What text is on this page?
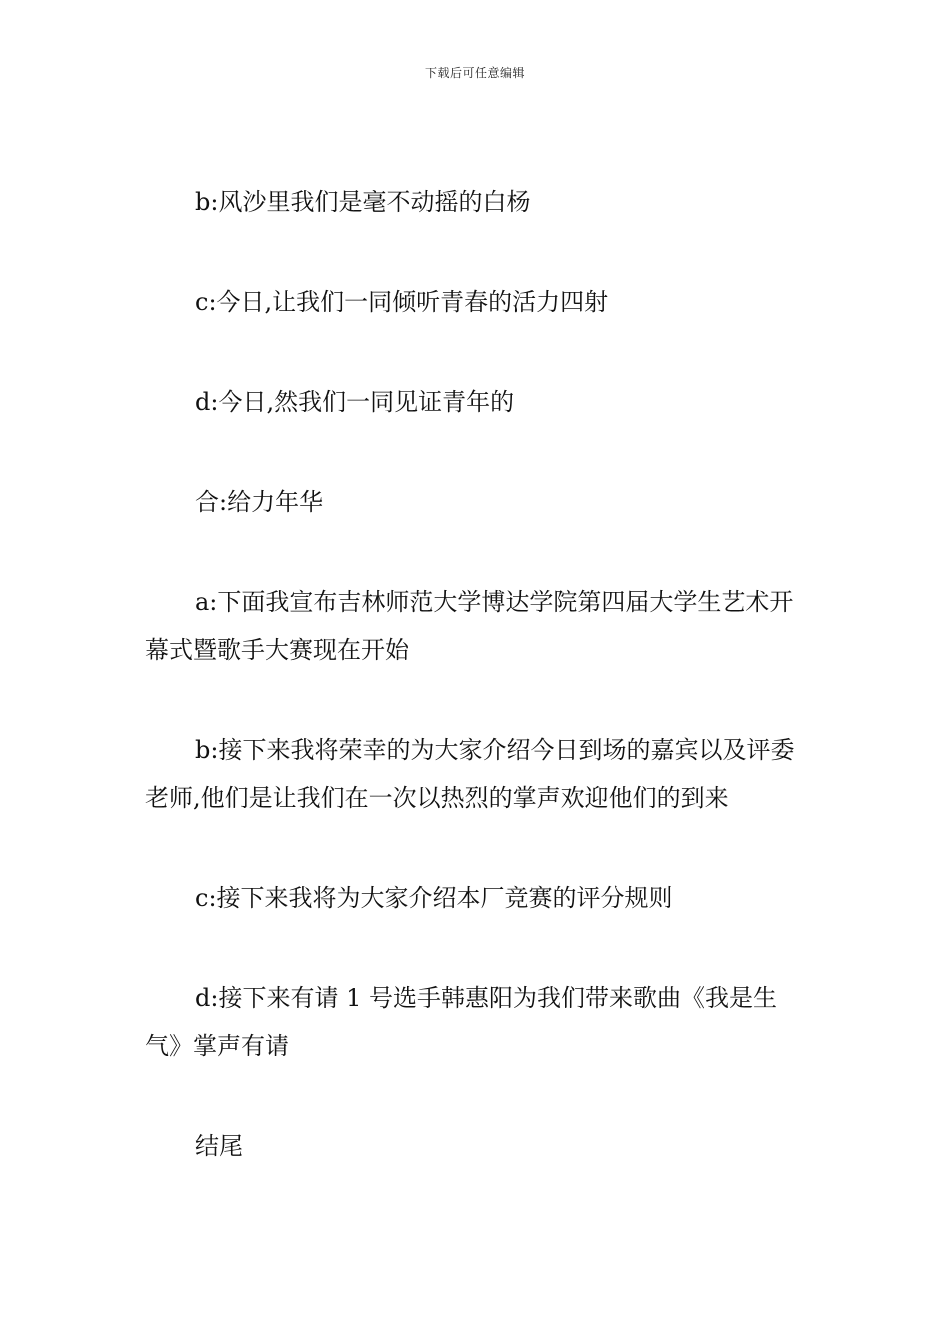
下载后可任意编辑

b:风沙里我们是毫不动摇的白杨

c:今日,让我们一同倾听青春的活力四射

d:今日,然我们一同见证青年的

合:给力年华

a:下面我宣布吉林师范大学博达学院第四届大学生艺术开幕式暨歌手大赛现在开始

b:接下来我将荣幸的为大家介绍今日到场的嘉宾以及评委老师,他们是让我们在一次以热烈的掌声欢迎他们的到来

c:接下来我将为大家介绍本厂竞赛的评分规则

d:接下来有请 1 号选手韩惠阳为我们带来歌曲《我是生气》掌声有请

结尾
